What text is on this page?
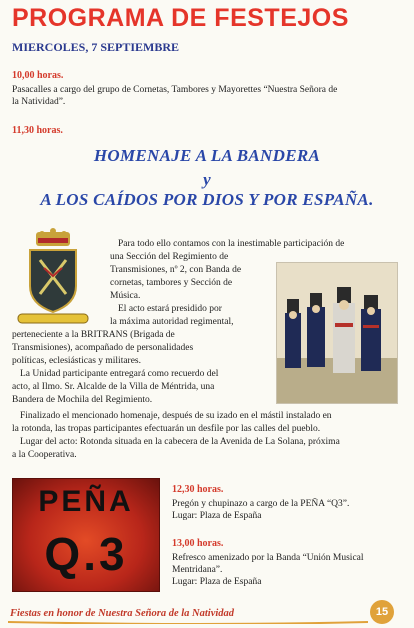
PROGRAMA DE FESTEJOS
MIERCOLES, 7 SEPTIEMBRE
10,00 horas.
Pasacalles a cargo del grupo de Cornetas, Tambores y Mayorettes “Nuestra Señora de
la Natividad”.
11,30 horas.
HOMENAJE A LA BANDERA
y
A LOS CAÍDOS POR DIOS Y POR ESPAÑA.
Para todo ello contamos con la inestimable participación de
una Sección del Regimiento de
Transmisiones, nº 2, con Banda de
cornetas, tambores y Sección de
Música.
El acto estará presidido por
la máxima autoridad regimental,
perteneciente a la BRITRANS (Brigada de
Transmisiones), acompañado de personalidades
políticas, eclesiásticas y militares.
La Unidad participante entregará como recuerdo del
acto, al Ilmo. Sr. Alcalde de la Villa de Méntrida, una
Bandera de Mochila del Regimiento.
Finalizado el mencionado homenaje, después de su izado en el mástil instalado en
la rotonda, las tropas participantes efectuarán un desfile por las calles del pueblo.
Lugar del acto: Rotonda situada en la cabecera de la Avenida de La Solana, próxima
a la Cooperativa.
PEÑA
Q.3
12,30 horas.
Pregón y chupinazo a cargo de la PEÑA “Q3”.
Lugar: Plaza de España
13,00 horas.
Refresco amenizado por la Banda “Unión Musical
Mentridana”.
Lugar: Plaza de España
Fiestas en honor de Nuestra Señora de la Natividad	15
